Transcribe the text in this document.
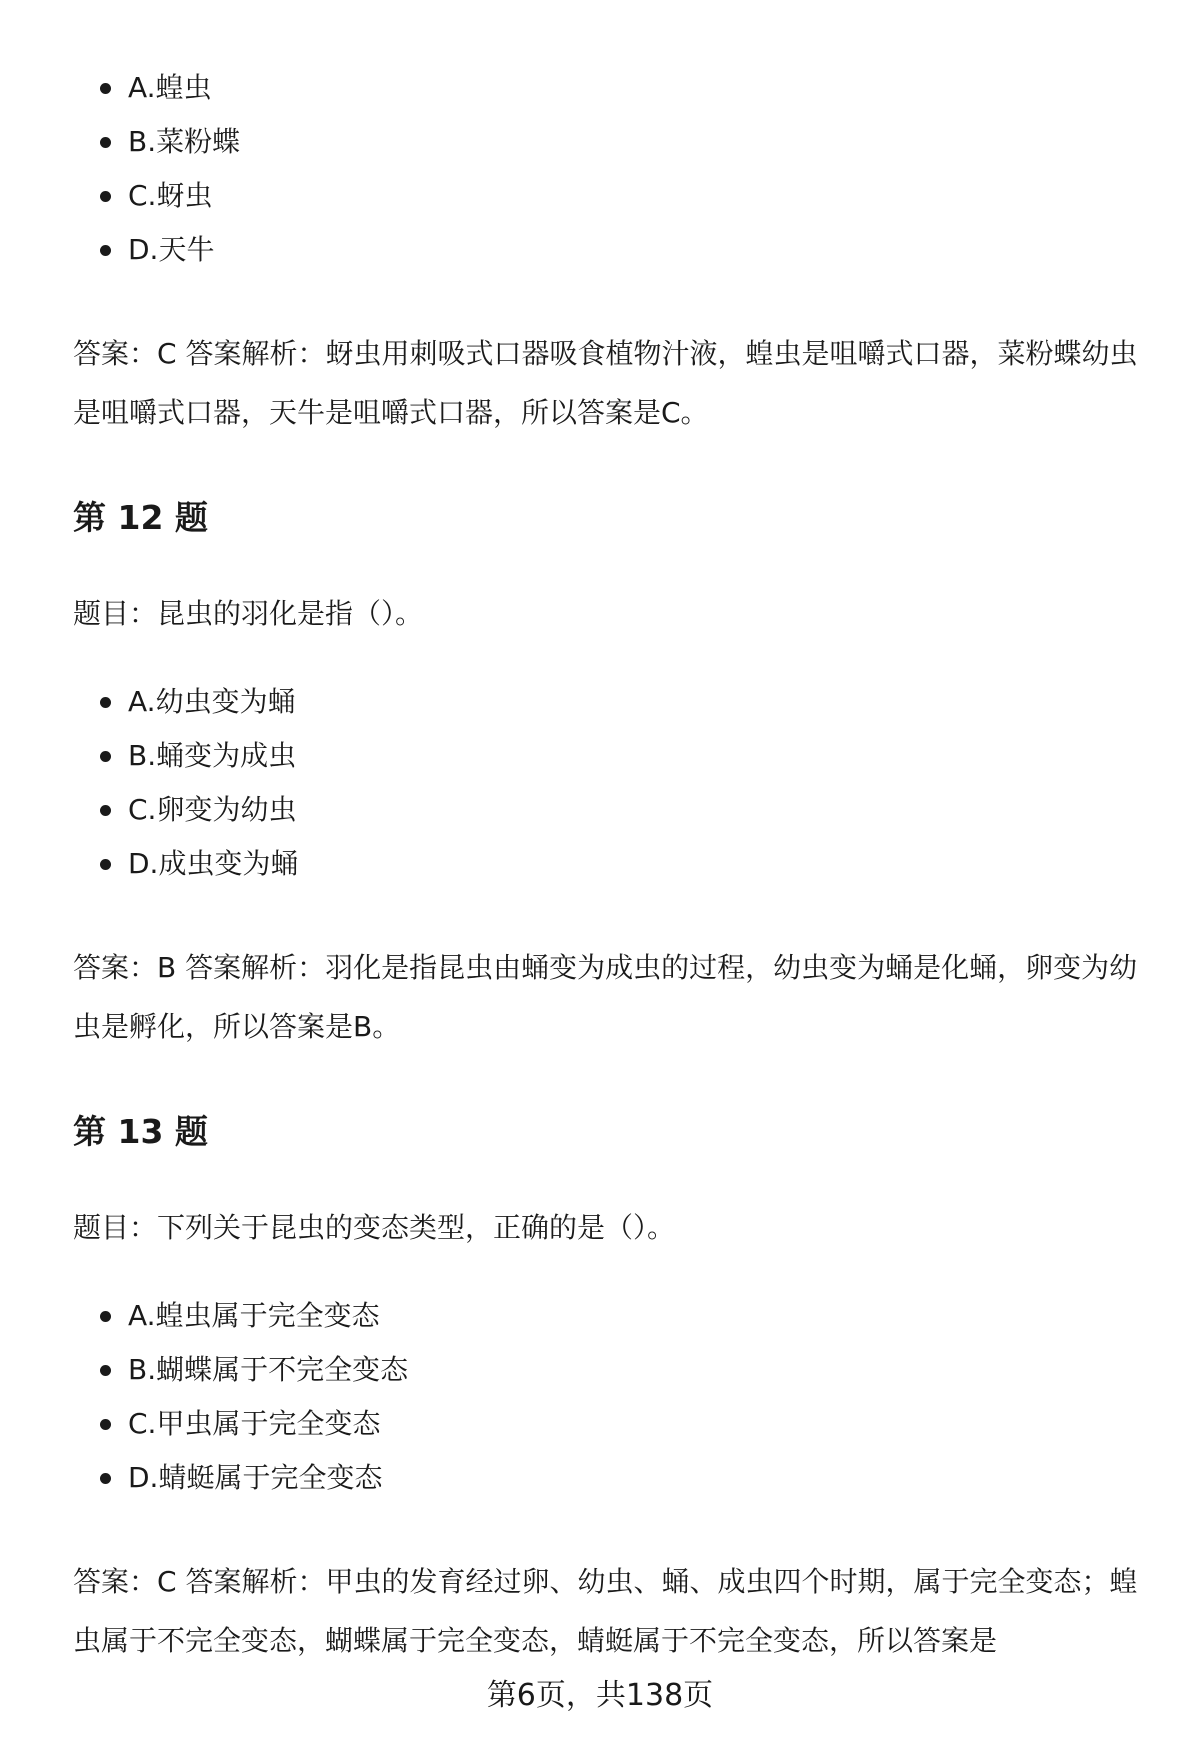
A.蝗虫
B.菜粉蝶
C.蚜虫
D.天牛

答案：C 答案解析：蚜虫用刺吸式口器吸食植物汁液，蝗虫是咀嚼式口器，菜粉蝶幼虫是咀嚼式口器，天牛是咀嚼式口器，所以答案是C。

第 12 题

题目：昆虫的羽化是指（）。

A.幼虫变为蛹
B.蛹变为成虫
C.卵变为幼虫
D.成虫变为蛹

答案：B 答案解析：羽化是指昆虫由蛹变为成虫的过程，幼虫变为蛹是化蛹，卵变为幼虫是孵化，所以答案是B。

第 13 题

题目：下列关于昆虫的变态类型，正确的是（）。

A.蝗虫属于完全变态
B.蝴蝶属于不完全变态
C.甲虫属于完全变态
D.蜻蜓属于完全变态

答案：C 答案解析：甲虫的发育经过卵、幼虫、蛹、成虫四个时期，属于完全变态；蝗虫属于不完全变态，蝴蝶属于完全变态，蜻蜓属于不完全变态，所以答案是

第6页，共138页
